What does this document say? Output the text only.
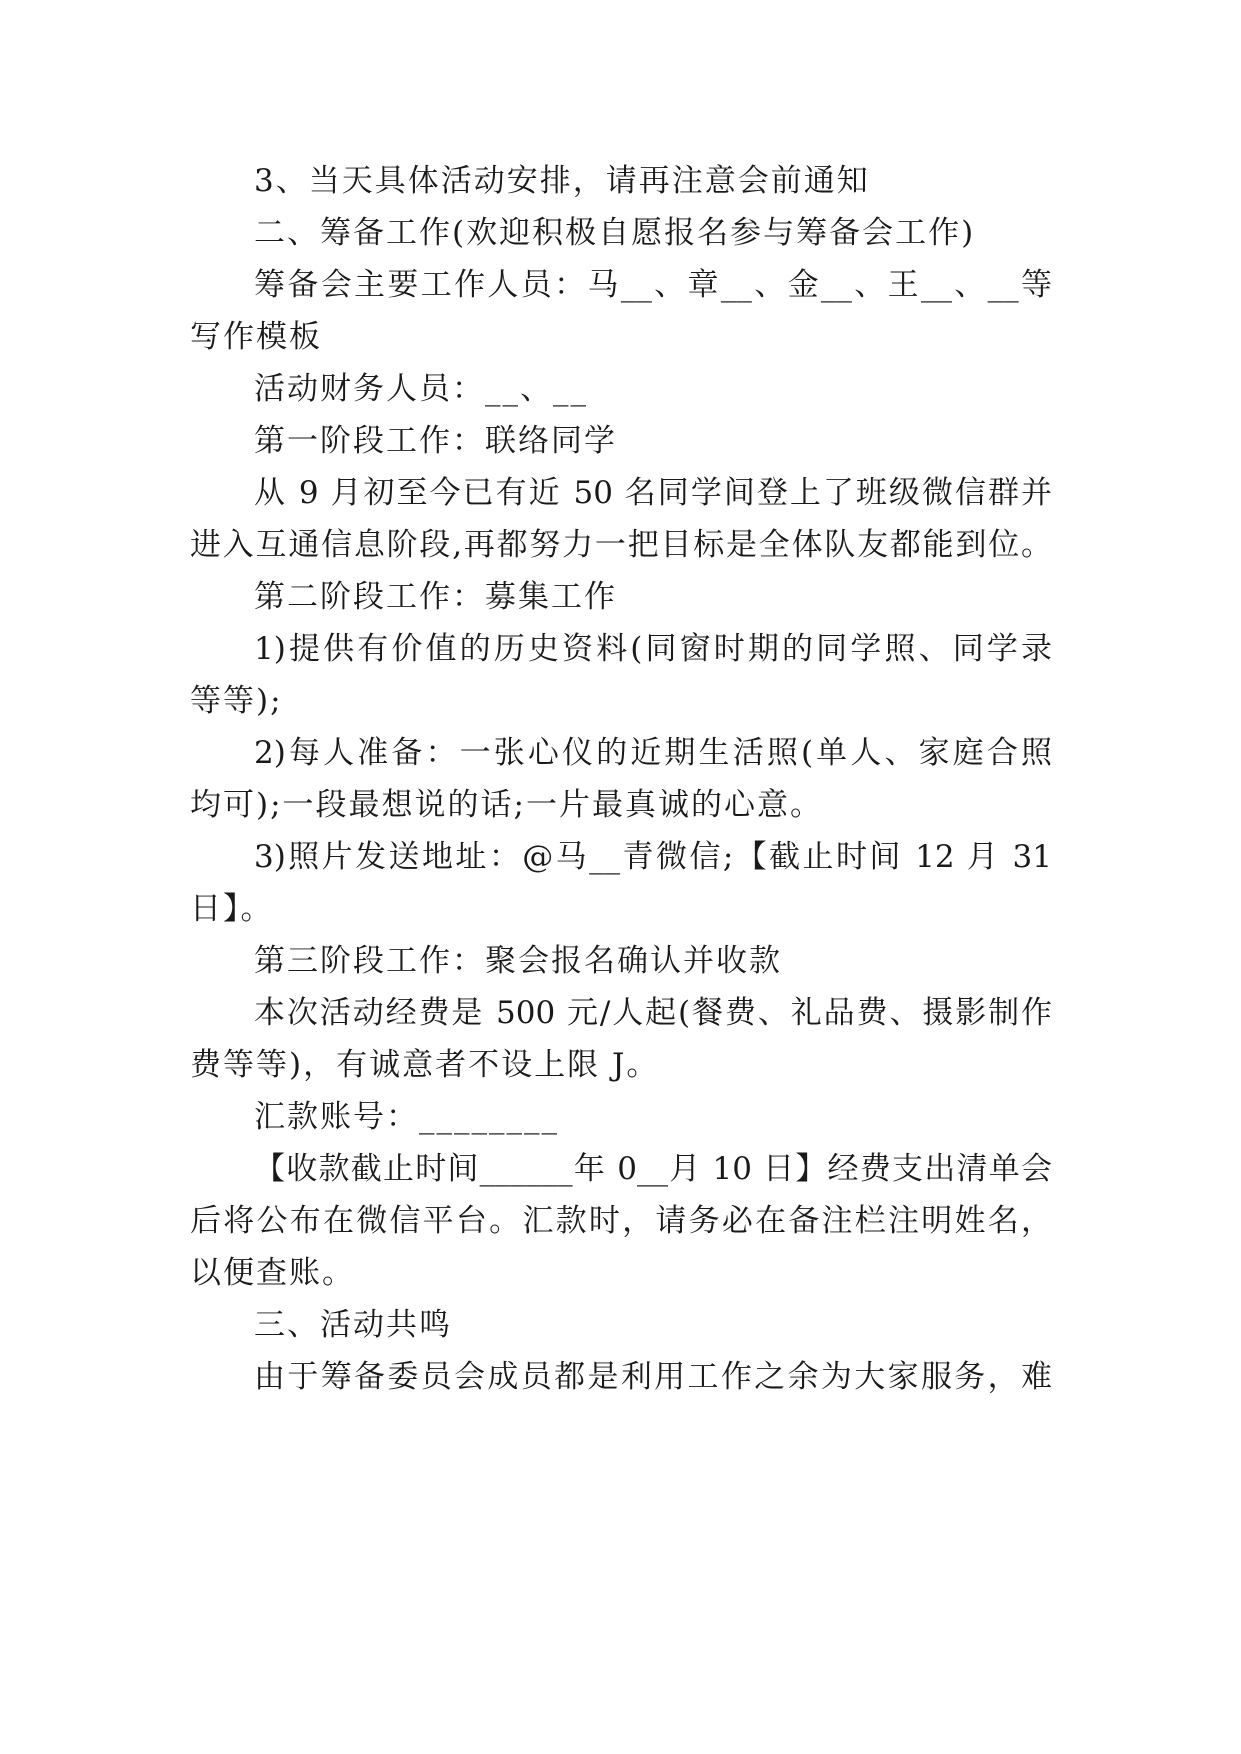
3、当天具体活动安排，请再注意会前通知
二、筹备工作(欢迎积极自愿报名参与筹备会工作)
筹备会主要工作人员：马__、章__、金__、王__、__等
写作模板
活动财务人员：__、__
第一阶段工作：联络同学
从 9 月初至今已有近 50 名同学间登上了班级微信群并
进入互通信息阶段,再都努力一把目标是全体队友都能到位。
第二阶段工作：募集工作
1)提供有价值的历史资料(同窗时期的同学照、同学录
等等);
2)每人准备：一张心仪的近期生活照(单人、家庭合照
均可);一段最想说的话;一片最真诚的心意。
3)照片发送地址：@马__青微信;【截止时间 12 月 31
日】。
第三阶段工作：聚会报名确认并收款
本次活动经费是 500 元/人起(餐费、礼品费、摄影制作
费等等)，有诚意者不设上限 J。
汇款账号：________
【收款截止时间______年 0__月 10 日】经费支出清单会
后将公布在微信平台。汇款时，请务必在备注栏注明姓名，
以便查账。
三、活动共鸣
由于筹备委员会成员都是利用工作之余为大家服务，难
